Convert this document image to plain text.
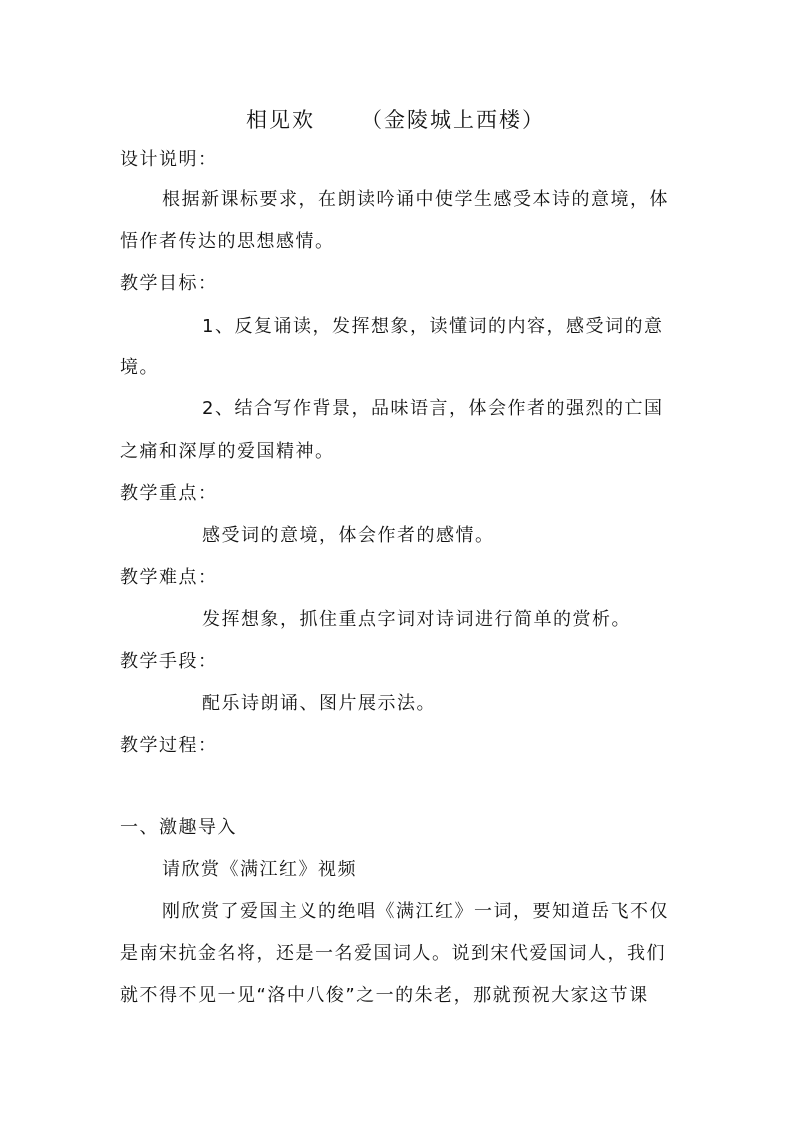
相见欢 （金陵城上西楼）
设计说明：
根据新课标要求，在朗读吟诵中使学生感受本诗的意境，体
悟作者传达的思想感情。
教学目标：
1、反复诵读，发挥想象，读懂词的内容，感受词的意
境。
2、结合写作背景，品味语言，体会作者的强烈的亡国
之痛和深厚的爱国精神。
教学重点：
感受词的意境，体会作者的感情。
教学难点：
发挥想象，抓住重点字词对诗词进行简单的赏析。
教学手段：
配乐诗朗诵、图片展示法。
教学过程：
一、激趣导入
请欣赏《满江红》视频
刚欣赏了爱国主义的绝唱《满江红》一词，要知道岳飞不仅
是南宋抗金名将，还是一名爱国词人。说到宋代爱国词人，我们
就不得不见一见“洛中八俊”之一的朱老，那就预祝大家这节课
